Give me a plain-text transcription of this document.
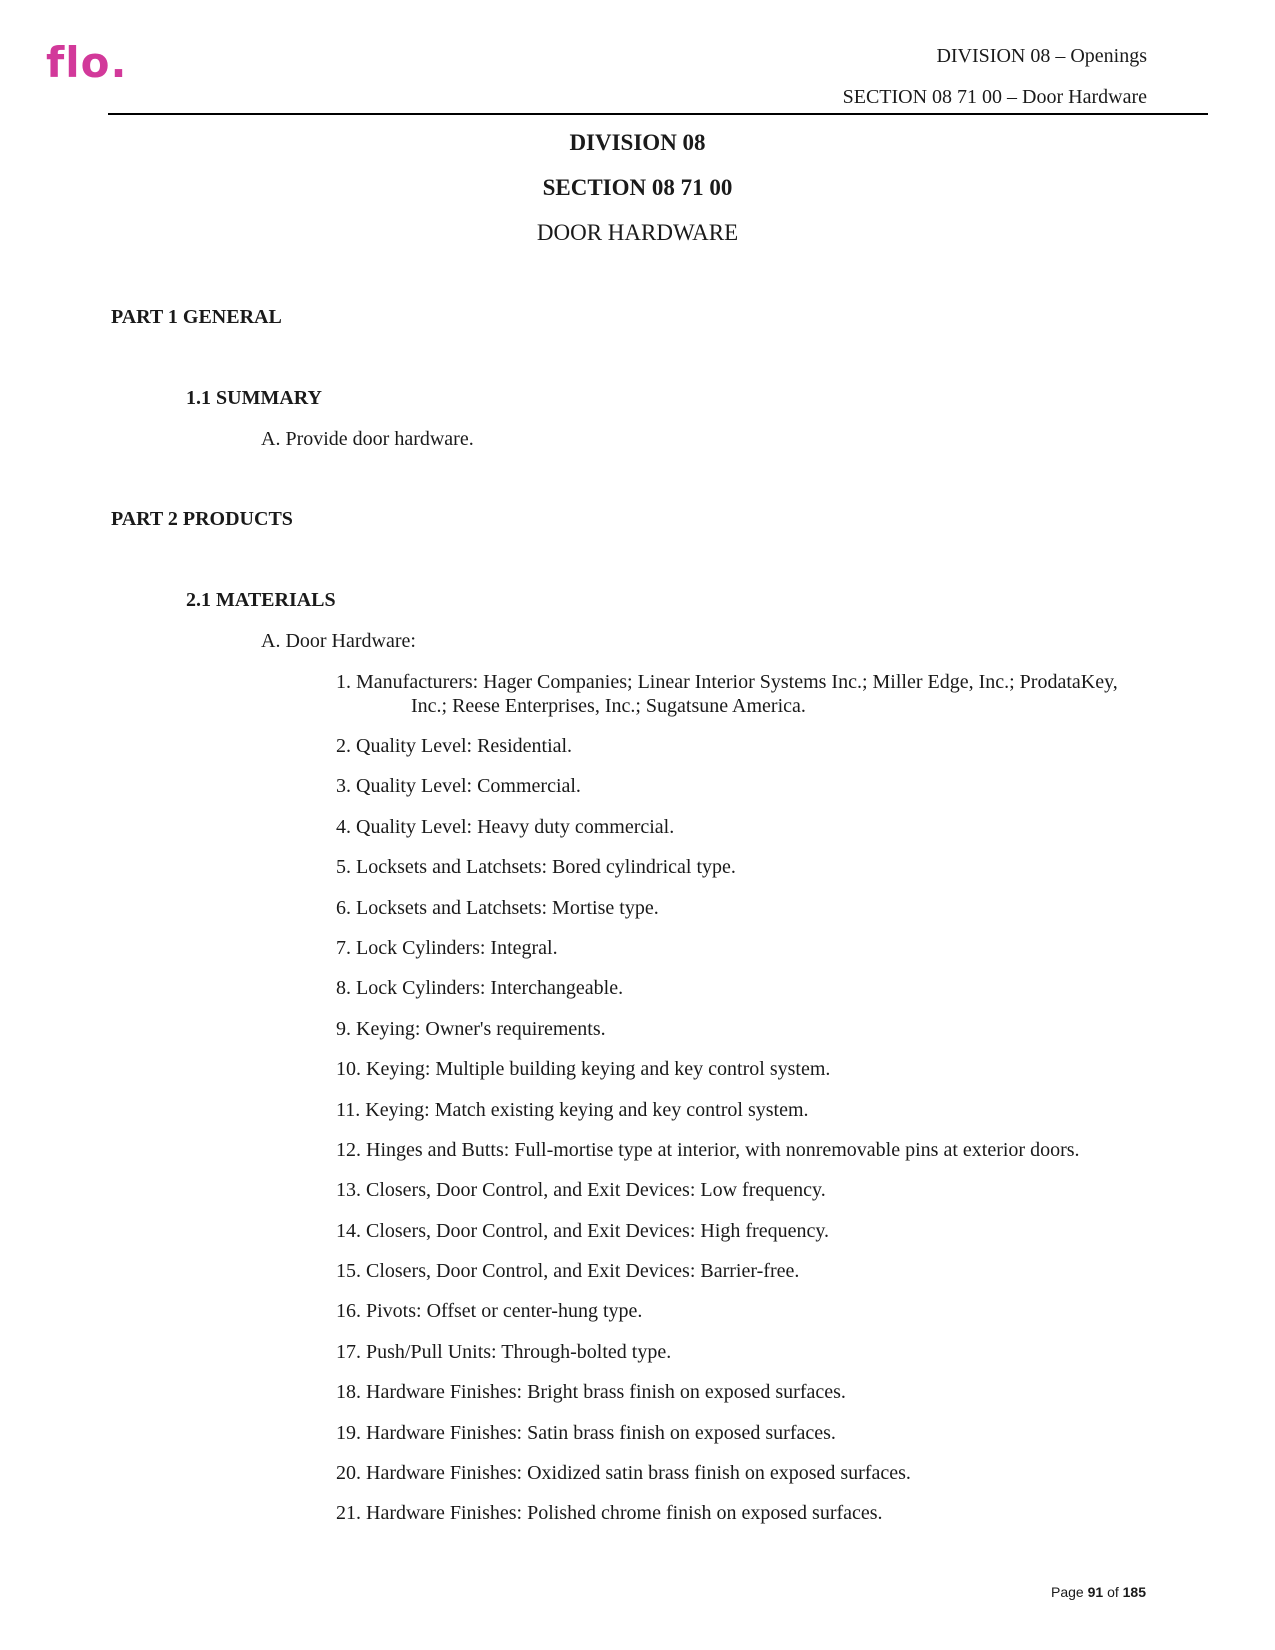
flo.	DIVISION 08 – Openings
SECTION 08 71 00 – Door Hardware
DIVISION 08
SECTION 08 71 00
DOOR HARDWARE
PART 1 GENERAL
1.1 SUMMARY
A. Provide door hardware.
PART 2 PRODUCTS
2.1 MATERIALS
A. Door Hardware:
1. Manufacturers: Hager Companies; Linear Interior Systems Inc.; Miller Edge, Inc.; ProdataKey,
Inc.; Reese Enterprises, Inc.; Sugatsune America.
2. Quality Level: Residential.
3. Quality Level: Commercial.
4. Quality Level: Heavy duty commercial.
5. Locksets and Latchsets: Bored cylindrical type.
6. Locksets and Latchsets: Mortise type.
7. Lock Cylinders: Integral.
8. Lock Cylinders: Interchangeable.
9. Keying: Owner's requirements.
10. Keying: Multiple building keying and key control system.
11. Keying: Match existing keying and key control system.
12. Hinges and Butts: Full-mortise type at interior, with nonremovable pins at exterior doors.
13. Closers, Door Control, and Exit Devices: Low frequency.
14. Closers, Door Control, and Exit Devices: High frequency.
15. Closers, Door Control, and Exit Devices: Barrier-free.
16. Pivots: Offset or center-hung type.
17. Push/Pull Units: Through-bolted type.
18. Hardware Finishes: Bright brass finish on exposed surfaces.
19. Hardware Finishes: Satin brass finish on exposed surfaces.
20. Hardware Finishes: Oxidized satin brass finish on exposed surfaces.
21. Hardware Finishes: Polished chrome finish on exposed surfaces.
Page 91 of 185
